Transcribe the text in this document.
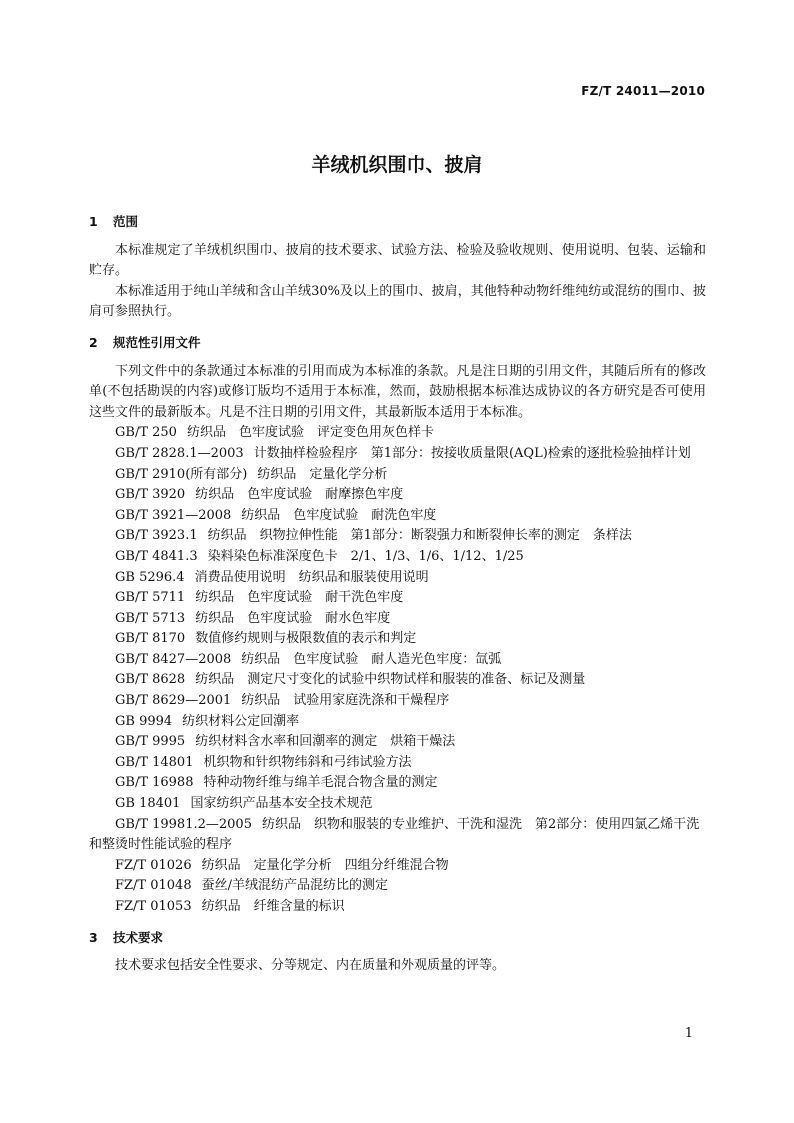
FZ/T 24011—2010
羊绒机织围巾、披肩
1 范围

本标准规定了羊绒机织围巾、披肩的技术要求、试验方法、检验及验收规则、使用说明、包装、运输和贮存。

本标准适用于纯山羊绒和含山羊绒30%及以上的围巾、披肩，其他特种动物纤维纯纺或混纺的围巾、披肩可参照执行。

2 规范性引用文件

下列文件中的条款通过本标准的引用而成为本标准的条款。凡是注日期的引用文件，其随后所有的修改单(不包括勘误的内容)或修订版均不适用于本标准，然而，鼓励根据本标准达成协议的各方研究是否可使用这些文件的最新版本。凡是不注日期的引用文件，其最新版本适用于本标准。

GB/T 250 纺织品　色牢度试验　评定变色用灰色样卡
GB/T 2828.1—2003 计数抽样检验程序　第1部分：按接收质量限(AQL)检索的逐批检验抽样计划
GB/T 2910(所有部分) 纺织品　定量化学分析
GB/T 3920 纺织品　色牢度试验　耐摩擦色牢度
GB/T 3921—2008 纺织品　色牢度试验　耐洗色牢度
GB/T 3923.1 纺织品　织物拉伸性能　第1部分：断裂强力和断裂伸长率的测定　条样法
GB/T 4841.3 染料染色标准深度色卡　2/1、1/3、1/6、1/12、1/25
GB 5296.4 消费品使用说明　纺织品和服装使用说明
GB/T 5711 纺织品　色牢度试验　耐干洗色牢度
GB/T 5713 纺织品　色牢度试验　耐水色牢度
GB/T 8170 数值修约规则与极限数值的表示和判定
GB/T 8427—2008 纺织品　色牢度试验　耐人造光色牢度：氙弧
GB/T 8628 纺织品　测定尺寸变化的试验中织物试样和服装的准备、标记及测量
GB/T 8629—2001 纺织品　试验用家庭洗涤和干燥程序
GB 9994 纺织材料公定回潮率
GB/T 9995 纺织材料含水率和回潮率的测定　烘箱干燥法
GB/T 14801 机织物和针织物纬斜和弓纬试验方法
GB/T 16988 特种动物纤维与绵羊毛混合物含量的测定
GB 18401 国家纺织产品基本安全技术规范
GB/T 19981.2—2005 纺织品　织物和服装的专业维护、干洗和湿洗　第2部分：使用四氯乙烯干洗和整烫时性能试验的程序
FZ/T 01026 纺织品　定量化学分析　四组分纤维混合物
FZ/T 01048 蚕丝/羊绒混纺产品混纺比的测定
FZ/T 01053 纺织品　纤维含量的标识
3 技术要求

技术要求包括安全性要求、分等规定、内在质量和外观质量的评等。

1
